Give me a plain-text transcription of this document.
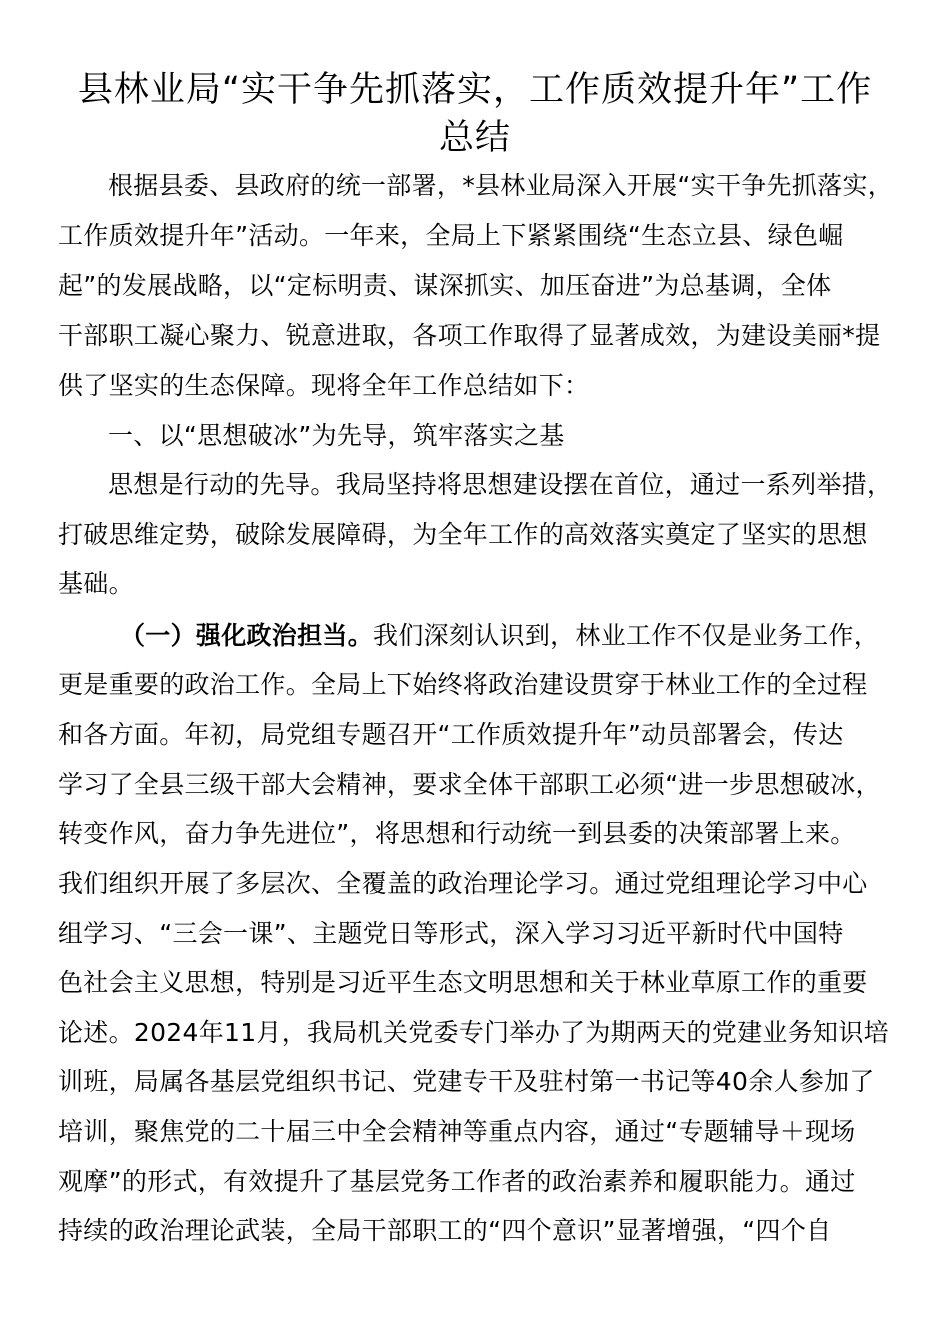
县林业局“实干争先抓落实，工作质效提升年”工作
总结
根据县委、县政府的统一部署，*县林业局深入开展“实干争先抓落实，
工作质效提升年”活动。一年来，全局上下紧紧围绕“生态立县、绿色崛
起”的发展战略，以“定标明责、谋深抓实、加压奋进”为总基调，全体
干部职工凝心聚力、锐意进取，各项工作取得了显著成效，为建设美丽*提
供了坚实的生态保障。现将全年工作总结如下：
一、以“思想破冰”为先导，筑牢落实之基
思想是行动的先导。我局坚持将思想建设摆在首位，通过一系列举措，
打破思维定势，破除发展障碍，为全年工作的高效落实奠定了坚实的思想
基础。
（一）强化政治担当。我们深刻认识到，林业工作不仅是业务工作，
更是重要的政治工作。全局上下始终将政治建设贯穿于林业工作的全过程
和各方面。年初，局党组专题召开“工作质效提升年”动员部署会，传达
学习了全县三级干部大会精神，要求全体干部职工必须“进一步思想破冰，
转变作风，奋力争先进位”，将思想和行动统一到县委的决策部署上来。
我们组织开展了多层次、全覆盖的政治理论学习。通过党组理论学习中心
组学习、“三会一课”、主题党日等形式，深入学习习近平新时代中国特
色社会主义思想，特别是习近平生态文明思想和关于林业草原工作的重要
论述。2024年11月，我局机关党委专门举办了为期两天的党建业务知识培
训班，局属各基层党组织书记、党建专干及驻村第一书记等40余人参加了
培训，聚焦党的二十届三中全会精神等重点内容，通过“专题辅导＋现场
观摩”的形式，有效提升了基层党务工作者的政治素养和履职能力。通过
持续的政治理论武装，全局干部职工的“四个意识”显著增强，“四个自
